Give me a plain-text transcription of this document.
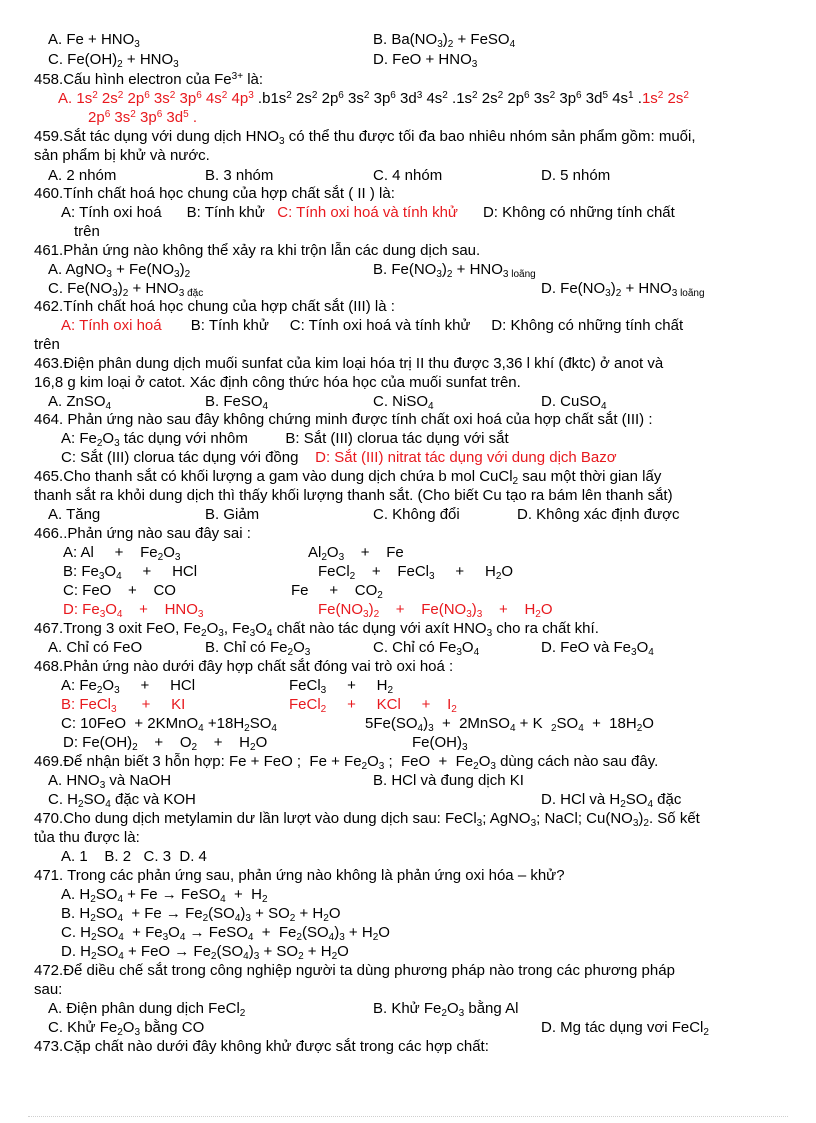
A. $Fe + HNO_3$	B. $Ba(NO_3)_2$ + FeSO$_4$
C. $Fe(OH)_2 + HNO_3$	D. FeO + $HNO_3$
458.Cấu hình electron của $Fe^{3+}$ là:
A. $1s^2$ $2s^2$ $2p^6$ $3s^2$ $3p^6$ $4s^2$ $4p^3$ $.b1s^2$ $2s^2$ $2p^6$ $3s^2$ $3p^6$ $3d^3$ $4s^2$ $.1s^2$ $2s^2$ $2p^6$ $3s^2$ $3p^6$ $3d^5$ $4s^1$ $.1s^2$ $2s^2$
$2p^6$ $3s^2$ $3p^6$ $3d^5$ .
459.Sắt tác dụng với dung dịch $HNO_3$ có thể thu được tối đa bao nhiêu nhóm sản phẩm gồm: muối,
sản phẩm bị khử và nước.
A. 2 nhóm	B. 3 nhóm	C. 4 nhóm	D. 5 nhóm
460.Tính chất hoá học chung của hợp chất sắt ( II ) là:
A: Tính oxi hoá      B: Tính khử   C: Tính oxi hoá và tính khử      D: Không có những tính chất
trên
461.Phản ứng nào không thể xảy ra khi trộn lẫn các dung dịch sau.
A. AgNO$_3$ + $Fe(NO_3)_2$	B. $Fe(NO_3)_2 + HNO_{3 loãng}$
C. $Fe(NO_3)_2 + HNO_{3 đặc}$	D. $Fe(NO_3)_2 + HNO_{3 loãng}$
462.Tính chất hoá học chung của hợp chất sắt (III) là :
A: Tính oxi hoá       B: Tính khử     C: Tính oxi hoá và tính khử     D: Không có những tính chất
trên
463.Điện phân dung dịch muối sunfat của kim loại hóa trị II thu được 3,36 l khí (đktc) ở anot và
16,8 g kim loại ở catot. Xác định công thức hóa học của muối sunfat trên.
A. ZnSO$_4$	B. FeSO$_4$	C. NiSO$_4$	D. CuSO$_4$
464. Phản ứng nào sau đây không chứng minh được tính chất oxi hoá của hợp chất sắt (III) :
A: $Fe_2O_3$ tác dụng với nhôm         B: Sắt (III) clorua tác dụng với sắt
C: Sắt (III) clorua tác dụng với đồng    D: Sắt (III) nitrat tác dụng với dung dịch Bazơ
465.Cho thanh sắt có khối lượng a gam vào dung dịch chứa b mol CuCl$_2$ sau một thời gian lấy
thanh sắt ra khỏi dung dịch thì thấy khối lượng thanh sắt. (Cho biết Cu tạo ra bám lên thanh sắt)
A. Tăng	B. Giảm	C. Không đổi	D. Không xác định được
466..Phản ứng nào sau đây sai :
A: Al     +    $Fe_2O_3$	$Al_2O_3$    +    Fe
B: $Fe_3O_4$     +     HCl	FeCl$_2$    +    FeCl$_3$     +     $H_2O$
C: FeO    +    CO	Fe     +    $CO_2$
D: $Fe_3O_4$    +    $HNO_3$	$Fe(NO_3)_2$    +    $Fe(NO_3)_3$    +    $H_2O$
467.Trong 3 oxit FeO, $Fe_2O_3$, $Fe_3O_4$ chất nào tác dụng với axít $HNO_3$ cho ra chất khí.
A. Chỉ có FeO	B. Chỉ có $Fe_2O_3$	C. Chỉ có $Fe_3O_4$	D. FeO và $Fe_3O_4$
468.Phản ứng nào dưới đây hợp chất sắt đóng vai trò oxi hoá :
A: $Fe_2O_3$     +     HCl	FeCl$_3$     +     $H_2$
B: FeCl$_3$      +     KI	FeCl$_2$     +     KCl     +    $I_2$
C: 10FeO  + 2KMnO$_4$ $+18H_2SO_4$	$5Fe(SO_4)_3$  +  2MnSO$_4$ + K  $_2SO_4 + 18H_2O$
D: $Fe(OH)_2$    +    $O_2$    +    $H_2O$	$Fe(OH)_3$
469.Để nhận biết 3 hỗn hợp: Fe + FeO ;  $Fe + Fe_2O_3$ ;  FeO  +  $Fe_2O_3$ dùng cách nào sau đây.
A. $HNO_3$ và NaOH	B. HCl và đung dịch KI
C. $H_2SO_4$ đặc và KOH	D. HCl và $H_2SO_4$ đặc
470.Cho dung dịch metylamin dư lần lượt vào dung dịch sau: FeCl$_3$; AgNO$_3$; NaCl; $Cu(NO_3)_2$. Số kết
tủa thu được là:
A. 1    B. 2   C. 3  D. 4
471. Trong các phản ứng sau, phản ứng nào không là phản ứng oxi hóa – khử?
A. $H_2SO_4 + Fe$ → FeSO$_4$  +  $H_2$
B. $H_2SO_4 + Fe \to Fe_2(SO_4)_3 + SO_2 + H_2O$
C. $H_2SO_4 + Fe_3O_4$ → FeSO$_4$  +  $Fe_2(SO_4)_3 + H_2O$
D. $H_2SO_4$ + FeO → $Fe_2(SO_4)_3 + SO_2 + H_2O$
472.Để diều chế sắt trong công nghiệp người ta dùng phương pháp nào trong các phương pháp
sau:
A. Điện phân dung dịch FeCl$_2$	B. Khử $Fe_2O_3$ bằng Al
C. Khử $Fe_2O_3$ bằng CO	D. Mg tác dụng vơi FeCl$_2$
473.Cặp chất nào dưới đây không khử được sắt trong các hợp chất:
